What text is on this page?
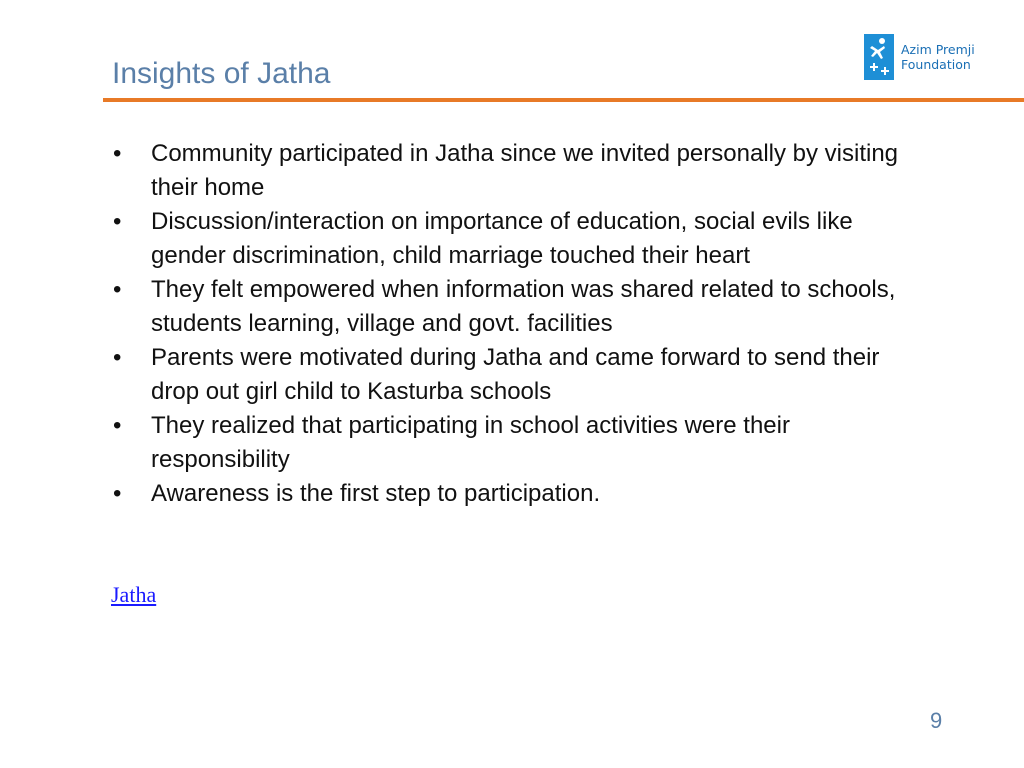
Insights of Jatha
Azim Premji
Foundation
•	Community participated in Jatha since we invited personally by visiting their home
•	Discussion/interaction on importance of education, social evils like gender discrimination, child marriage touched their heart
•	They felt empowered when information was shared related to schools, students learning, village and govt. facilities
•	Parents were motivated during Jatha and came forward to send their drop out girl child to Kasturba schools
•	They realized that participating in school activities were their responsibility
•	Awareness is the first step to participation.
Jatha
9
